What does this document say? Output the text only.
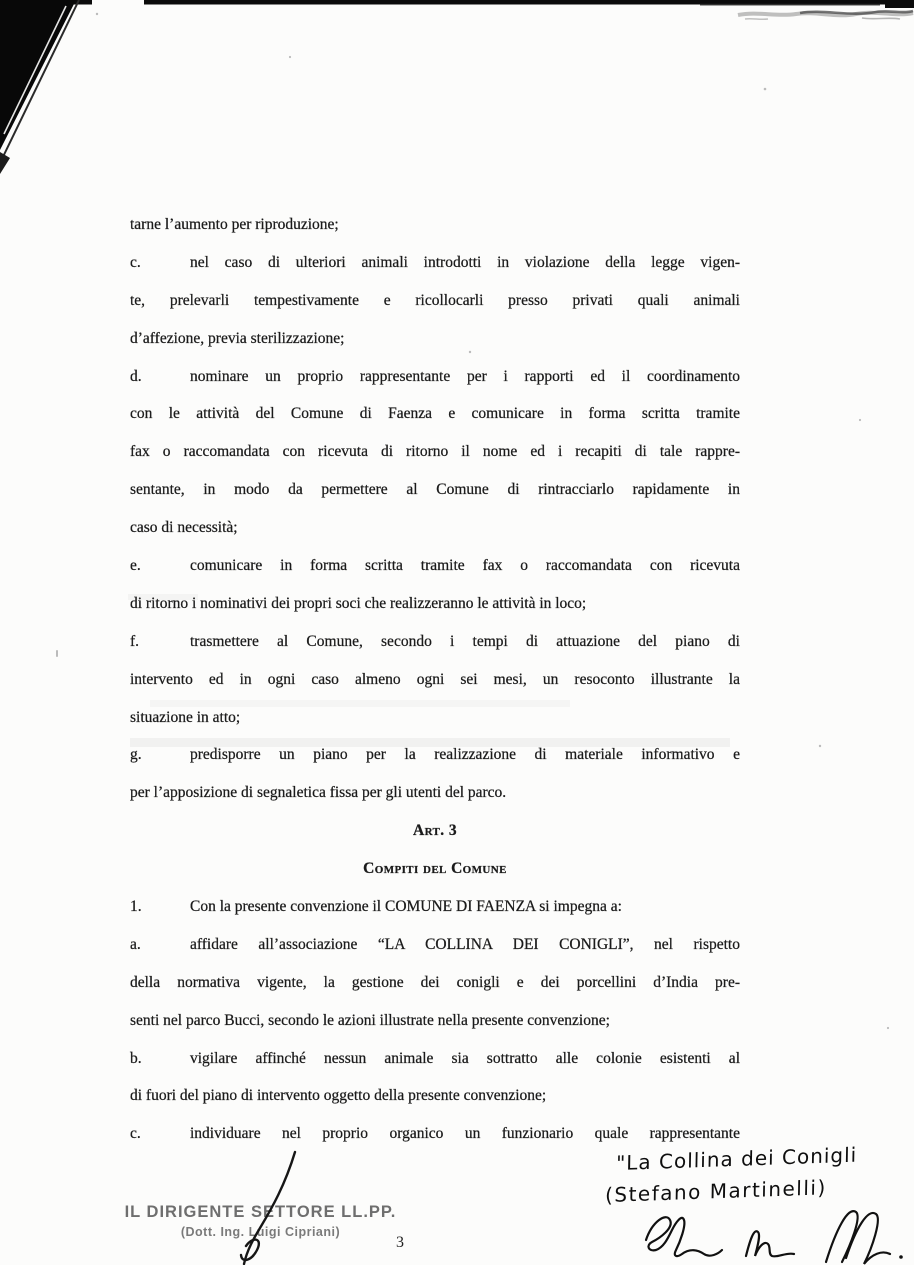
tarne l’aumento per riproduzione;
c.	nel caso di ulteriori animali introdotti in violazione della legge vigen-
te, prelevarli tempestivamente e ricollocarli presso privati quali animali
d’affezione, previa sterilizzazione;
d.	nominare un proprio rappresentante per i rapporti ed il coordinamento
con le attività del Comune di Faenza e comunicare in forma scritta tramite
fax o raccomandata con ricevuta di ritorno il nome ed i recapiti di tale rappre-
sentante, in modo da permettere al Comune di rintracciarlo rapidamente in
caso di necessità;
e.	comunicare in forma scritta tramite fax o raccomandata con ricevuta
di ritorno i nominativi dei propri soci che realizzeranno le attività in loco;
f.	trasmettere al Comune, secondo i tempi di attuazione del piano di
intervento ed in ogni caso almeno ogni sei mesi, un resoconto illustrante la
situazione in atto;
g.	predisporre un piano per la realizzazione di materiale informativo e
per l’apposizione di segnaletica fissa per gli utenti del parco.
Art. 3
Compiti del Comune
1.	Con la presente convenzione il COMUNE DI FAENZA si impegna a:
a.	affidare all’associazione “LA COLLINA DEI CONIGLI”, nel rispetto
della normativa vigente, la gestione dei conigli e dei porcellini d’India pre-
senti nel parco Bucci, secondo le azioni illustrate nella presente convenzione;
b.	vigilare affinché nessun animale sia sottratto alle colonie esistenti al
di fuori del piano di intervento oggetto della presente convenzione;
c.	individuare nel proprio organico un funzionario quale rappresentante
IL DIRIGENTE SETTORE LL.PP.
(Dott. Ing. Luigi Cipriani)
3
"La Collina dei Conigli
(Stefano Martinelli)
